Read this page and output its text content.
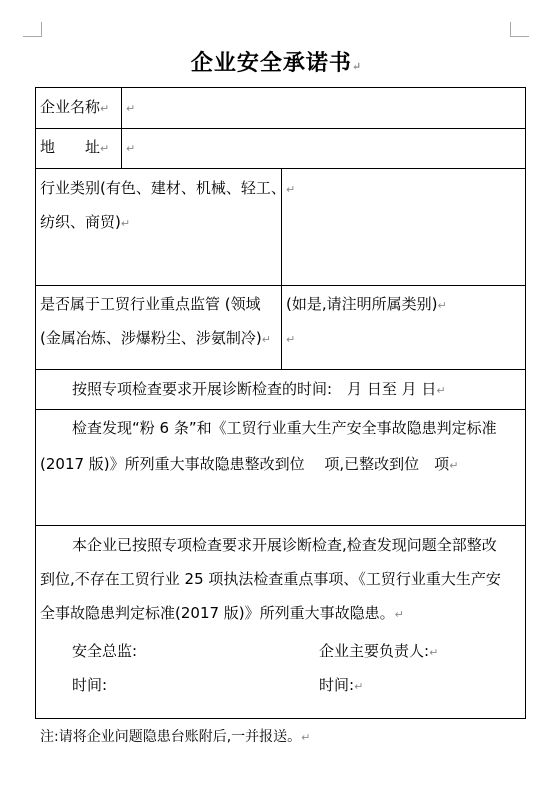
企业安全承诺书↵
企业名称↵ ↵
地　　址↵ ↵
行业类别(有色、建材、机械、轻工、
纺织、商贸)↵
↵
是否属于工贸行业重点监管 (领域
(金属冶炼、涉爆粉尘、涉氨制冷)↵
(如是,请注明所属类别)↵
↵
按照专项检查要求开展诊断检查的时间:　月 日至 月 日↵
检查发现“粉 6 条”和《工贸行业重大生产安全事故隐患判定标准
(2017 版)》所列重大事故隐患整改到位　 项,已整改到位　项↵
本企业已按照专项检查要求开展诊断检查,检查发现问题全部整改
到位,不存在工贸行业 25 项执法检查重点事项、《工贸行业重大生产安
全事故隐患判定标准(2017 版)》所列重大事故隐患。↵
安全总监:	企业主要负责人:↵
时间:	时间:↵
注:请将企业问题隐患台账附后,一并报送。↵
